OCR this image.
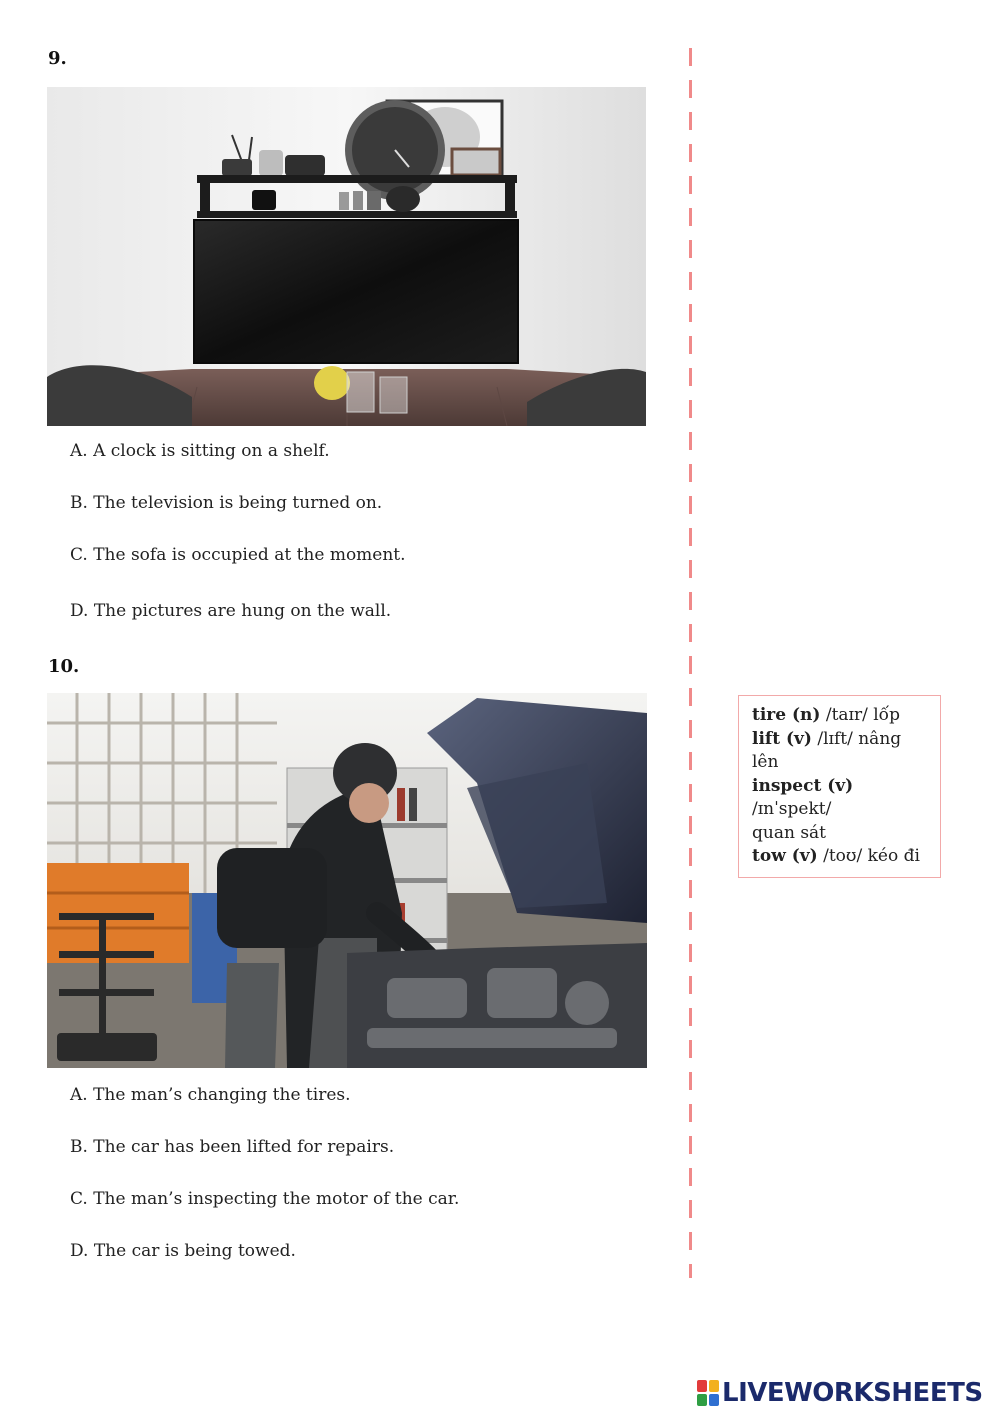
9.
A. A clock is sitting on a shelf.
B. The television is being turned on.
C. The sofa is occupied at the moment.
D. The pictures are hung on the wall.
10.
A. The man’s changing the tires.
B. The car has been lifted for repairs.
C. The man’s inspecting the motor of the car.
D. The car is being towed.
tire (n) /taɪr/ lốp
lift (v) /lɪft/ nâng
lên
inspect (v)
/ɪnˈspekt/
quan sát
tow (v) /toʊ/ kéo đi
LIVEWORKSHEETS
